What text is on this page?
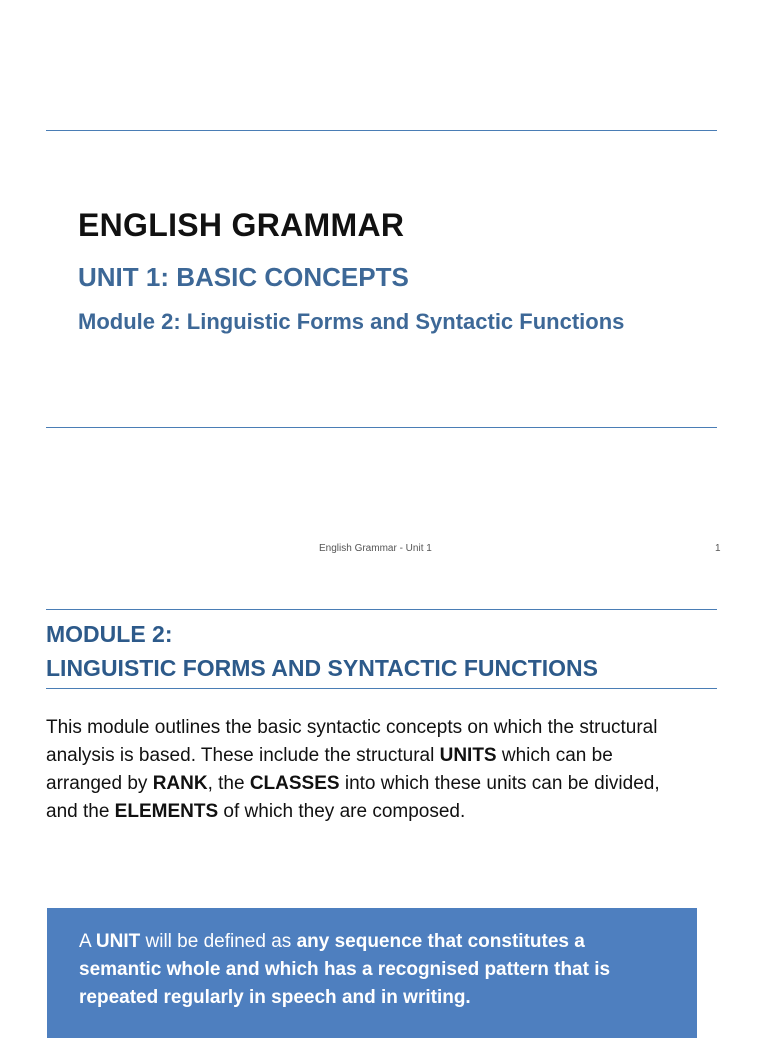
ENGLISH GRAMMAR
UNIT 1: BASIC CONCEPTS
Module 2: Linguistic Forms and Syntactic Functions
English Grammar - Unit 1	1
MODULE 2:
LINGUISTIC FORMS AND SYNTACTIC FUNCTIONS
This module outlines the basic syntactic concepts on which the structural analysis is based. These include the structural UNITS which can be arranged by RANK, the CLASSES into which these units can be divided, and the ELEMENTS of which they are composed.
A UNIT will be defined as any sequence that constitutes a semantic whole and which has a recognised pattern that is repeated regularly in speech and in writing.
